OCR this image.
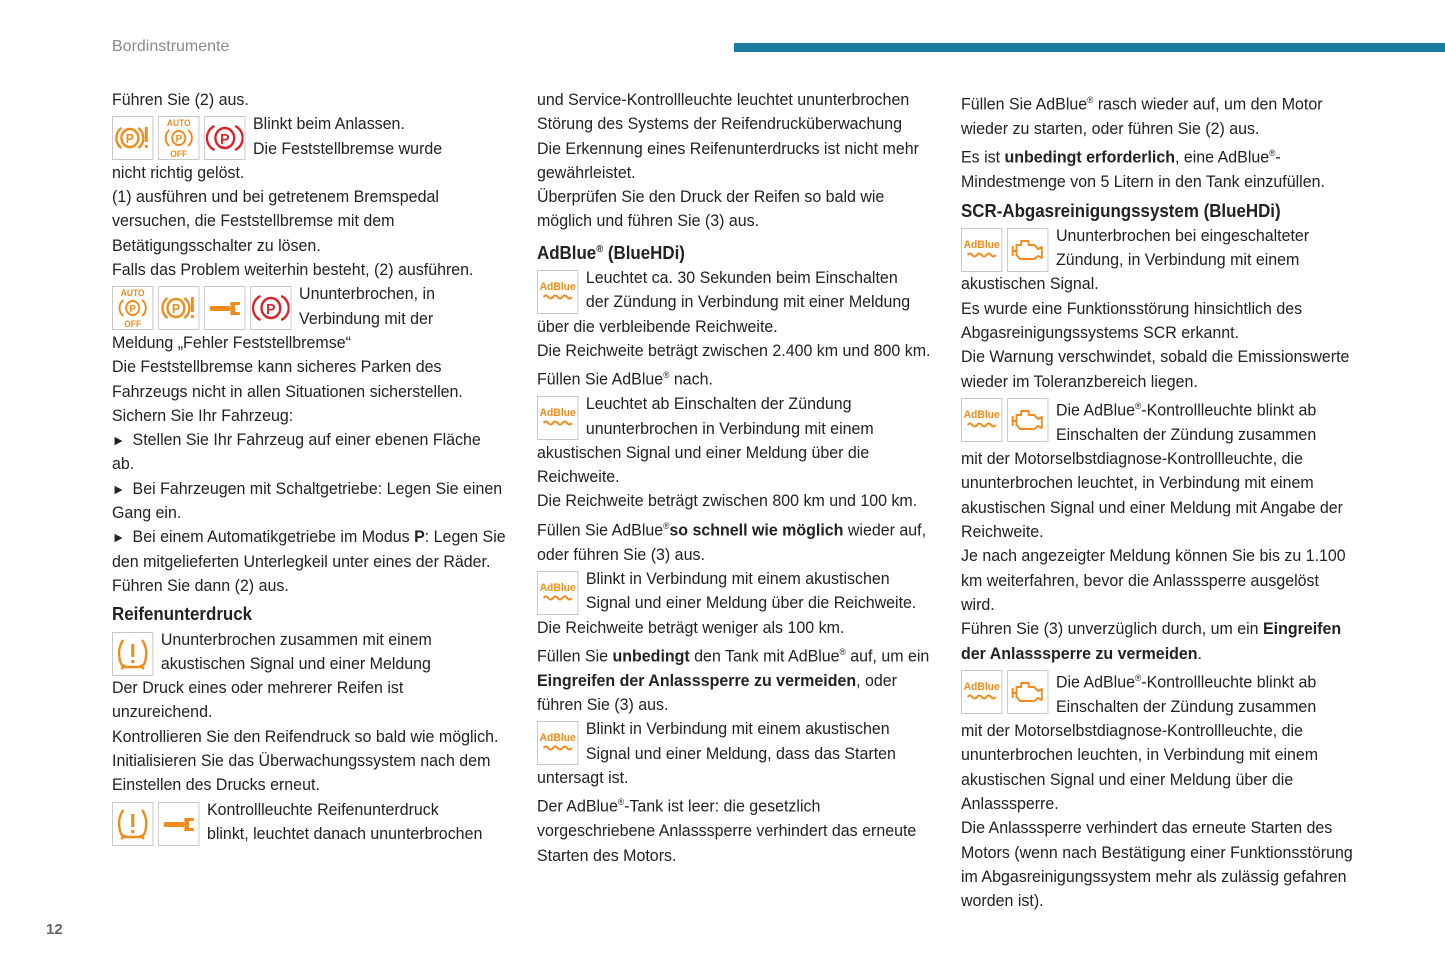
Bordinstrumente
12

Führen Sie (2) aus.

P
AUTO
P
OFF
P

Blinkt beim Anlassen.
Die Feststellbremse wurde

nicht richtig gelöst.

(1) ausführen und bei getretenem Bremspedal versuchen, die Feststellbremse mit dem Betätigungsschalter zu lösen.

Falls das Problem weiterhin besteht, (2) ausführen.

AUTO
P
OFF
P	P

Ununterbrochen, in
Verbindung mit der

Meldung „Fehler Feststellbremse“

Die Feststellbremse kann sicheres Parken des Fahrzeugs nicht in allen Situationen sicherstellen.

Sichern Sie Ihr Fahrzeug:

► Stellen Sie Ihr Fahrzeug auf einer ebenen Fläche ab.

► Bei Fahrzeugen mit Schaltgetriebe: Legen Sie einen Gang ein.

► Bei einem Automatikgetriebe im Modus P: Legen Sie den mitgelieferten Unterlegkeil unter eines der Räder.

Führen Sie dann (2) aus.

Reifenunterdruck

Ununterbrochen zusammen mit einem
akustischen Signal und einer Meldung

Der Druck eines oder mehrerer Reifen ist unzureichend.

Kontrollieren Sie den Reifendruck so bald wie möglich.

Initialisieren Sie das Überwachungssystem nach dem Einstellen des Drucks erneut.

Kontrollleuchte Reifenunterdruck
blinkt, leuchtet danach ununterbrochen

und Service-Kontrollleuchte leuchtet ununterbrochen

Störung des Systems der Reifendrucküberwachung

Die Erkennung eines Reifenunterdrucks ist nicht mehr gewährleistet.

Überprüfen Sie den Druck der Reifen so bald wie möglich und führen Sie (3) aus.

AdBlue® (BlueHDi)
AdBlue Leuchtet ca. 30 Sekunden beim Einschalten
der Zündung in Verbindung mit einer Meldung

über die verbleibende Reichweite.

Die Reichweite beträgt zwischen 2.400 km und 800 km.

Füllen Sie AdBlue® nach.

AdBlue Leuchtet ab Einschalten der Zündung
ununterbrochen in Verbindung mit einem

akustischen Signal und einer Meldung über die Reichweite.

Die Reichweite beträgt zwischen 800 km und 100 km.

Füllen Sie AdBlue®so schnell wie möglich wieder auf, oder führen Sie (3) aus.

AdBlue Blinkt in Verbindung mit einem akustischen
Signal und einer Meldung über die Reichweite.

Die Reichweite beträgt weniger als 100 km.

Füllen Sie unbedingt den Tank mit AdBlue® auf, um ein Eingreifen der Anlasssperre zu vermeiden, oder führen Sie (3) aus.

AdBlue Blinkt in Verbindung mit einem akustischen
Signal und einer Meldung, dass das Starten

untersagt ist.

Der AdBlue®-Tank ist leer: die gesetzlich vorgeschriebene Anlasssperre verhindert das erneute Starten des Motors.

Füllen Sie AdBlue® rasch wieder auf, um den Motor wieder zu starten, oder führen Sie (2) aus.

Es ist unbedingt erforderlich, eine AdBlue®-Mindestmenge von 5 Litern in den Tank einzufüllen.

SCR-Abgasreinigungssystem (BlueHDi)
AdBlue	Ununterbrochen bei eingeschalteter
Zündung, in Verbindung mit einem

akustischen Signal.

Es wurde eine Funktionsstörung hinsichtlich des Abgasreinigungssystems SCR erkannt.

Die Warnung verschwindet, sobald die Emissionswerte wieder im Toleranzbereich liegen.

AdBlue	Die AdBlue®-Kontrollleuchte blinkt ab
Einschalten der Zündung zusammen

mit der Motorselbstdiagnose-Kontrollleuchte, die ununterbrochen leuchtet, in Verbindung mit einem akustischen Signal und einer Meldung mit Angabe der Reichweite.

Je nach angezeigter Meldung können Sie bis zu 1.100 km weiterfahren, bevor die Anlasssperre ausgelöst wird.

Führen Sie (3) unverzüglich durch, um ein Eingreifen der Anlasssperre zu vermeiden.

AdBlue	Die AdBlue®-Kontrollleuchte blinkt ab
Einschalten der Zündung zusammen

mit der Motorselbstdiagnose-Kontrollleuchte, die ununterbrochen leuchten, in Verbindung mit einem akustischen Signal und einer Meldung über die Anlasssperre.

Die Anlasssperre verhindert das erneute Starten des Motors (wenn nach Bestätigung einer Funktionsstörung im Abgasreinigungssystem mehr als zulässig gefahren worden ist).
